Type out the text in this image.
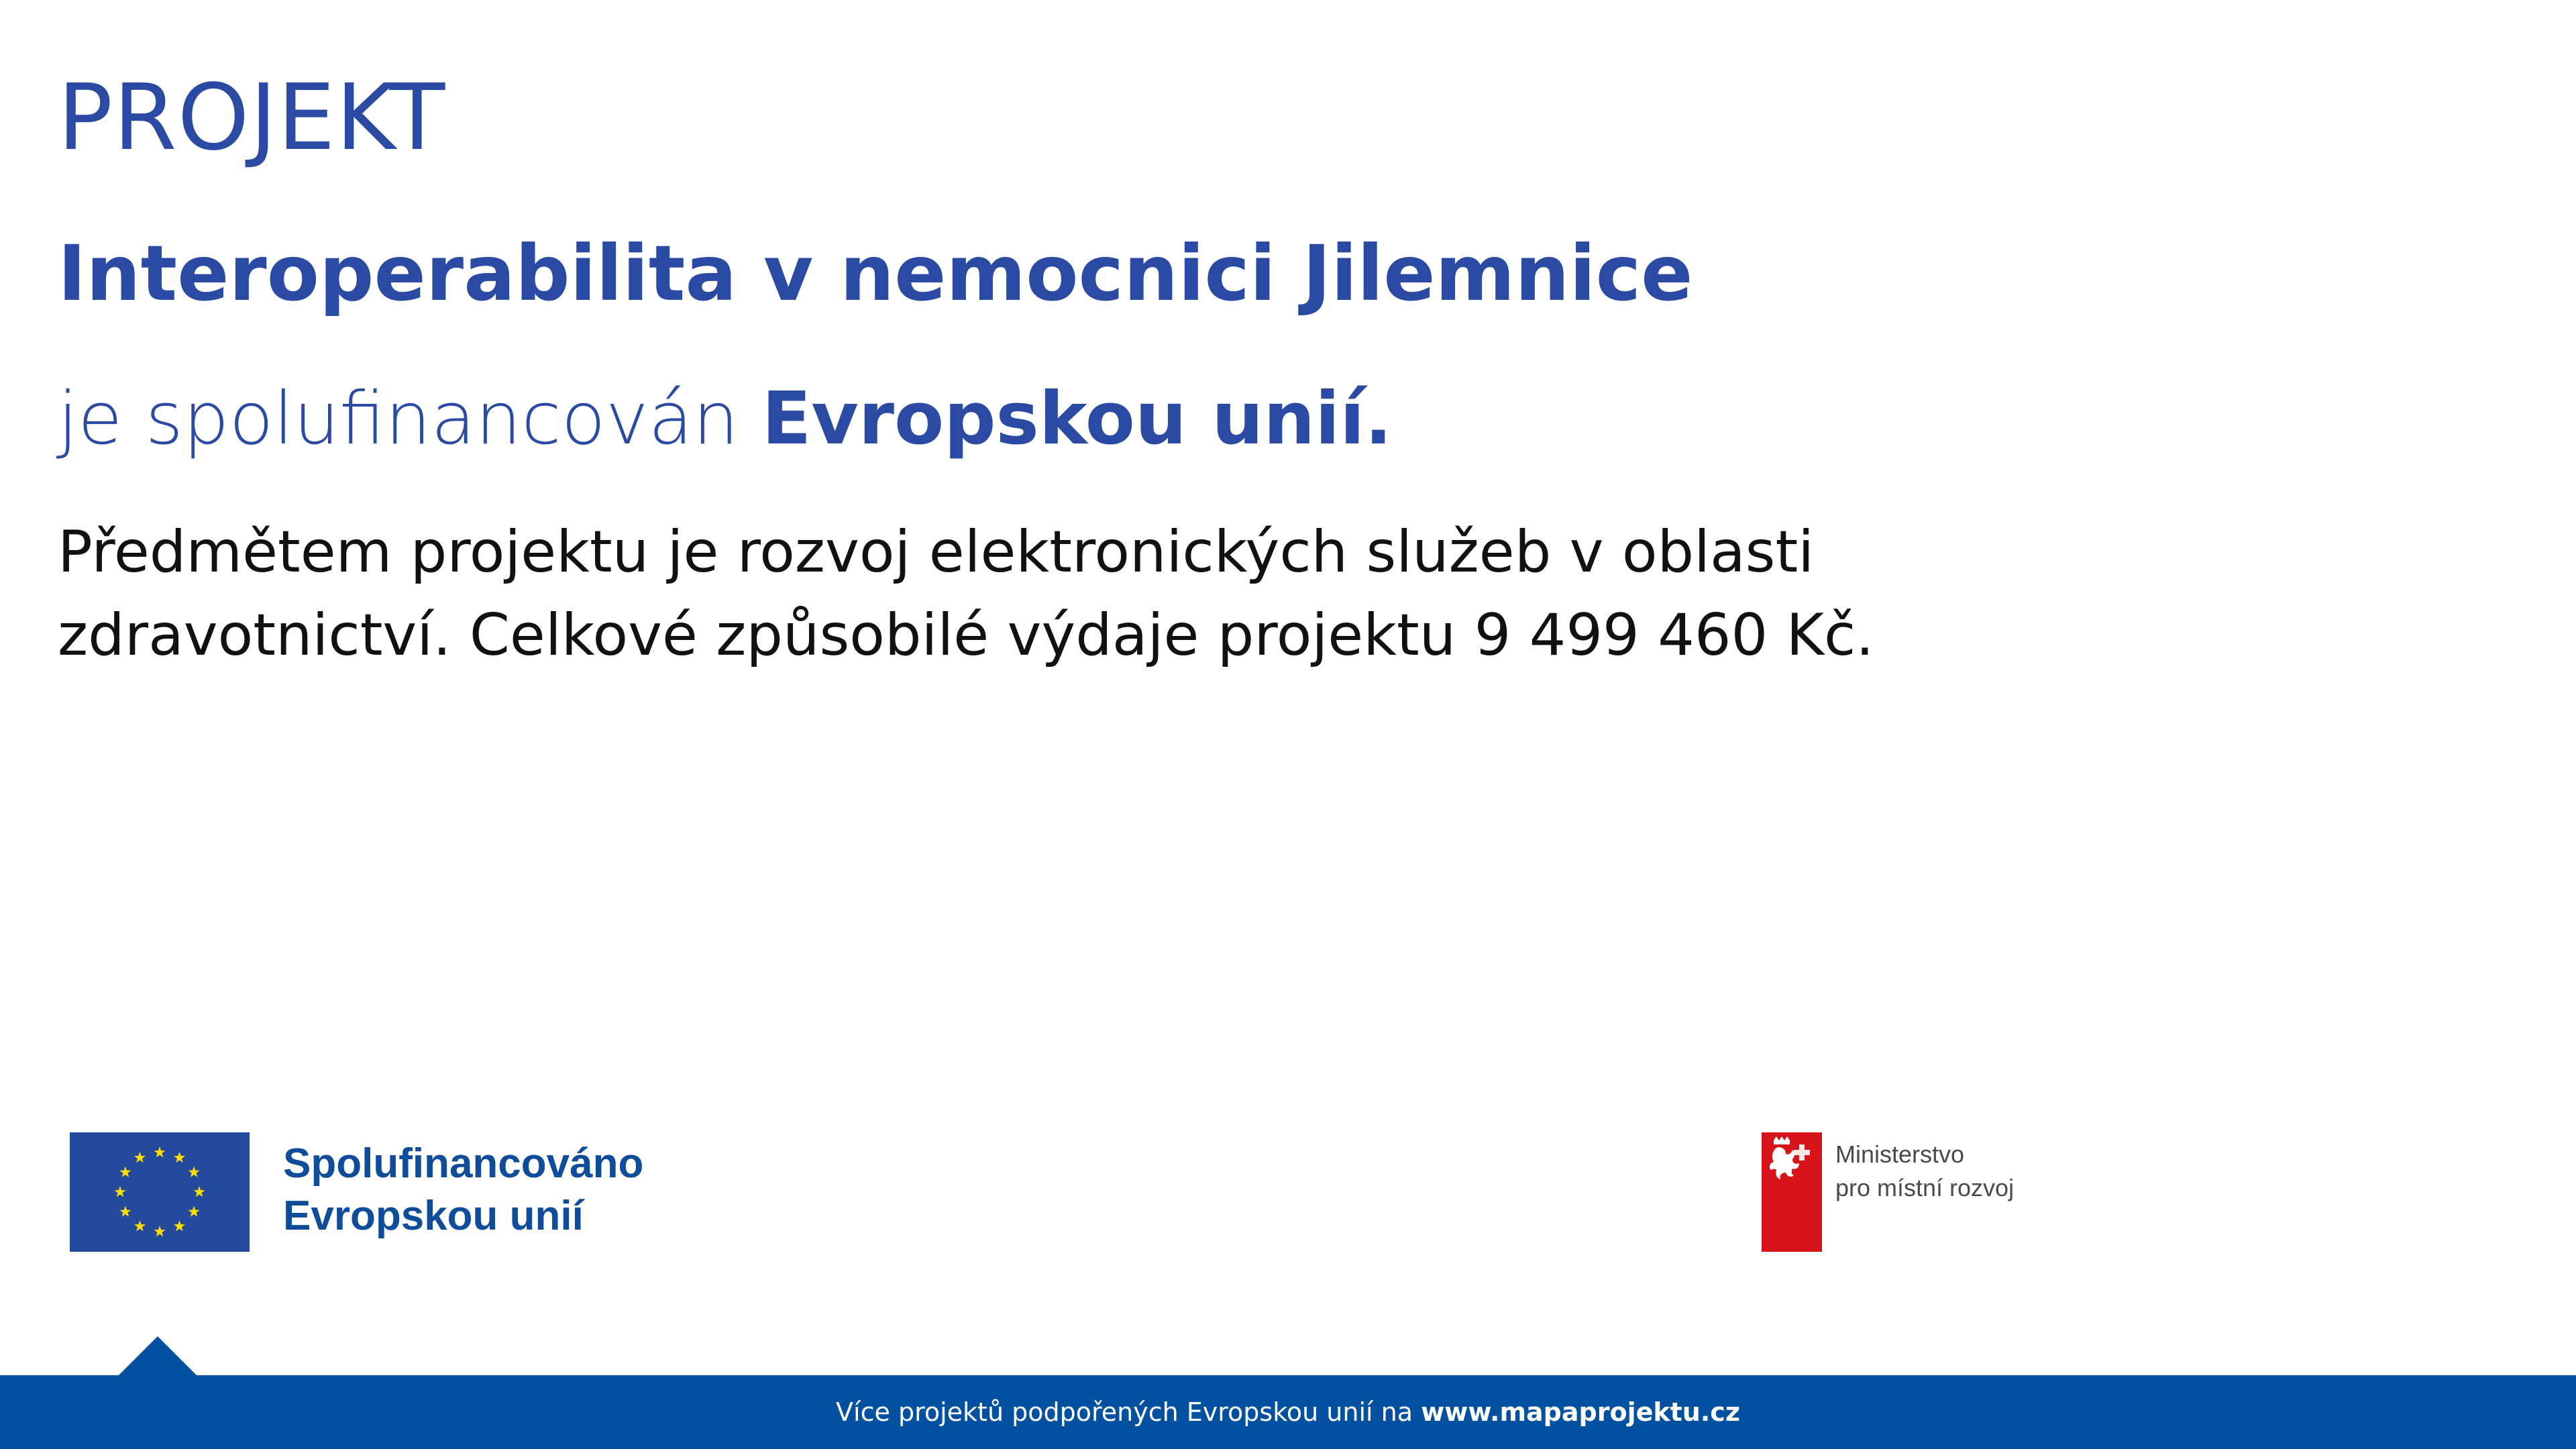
PROJEKT
Interoperabilita v nemocnici Jilemnice
je spolufinancován Evropskou unií.
Předmětem projektu je rozvoj elektronických služeb v oblasti
zdravotnictví. Celkové způsobilé výdaje projektu 9 499 460 Kč.
Spolufinancováno
Evropskou unií
Ministerstvo
pro místní rozvoj
Více projektů podpořených Evropskou unií na www.mapaprojektu.cz
